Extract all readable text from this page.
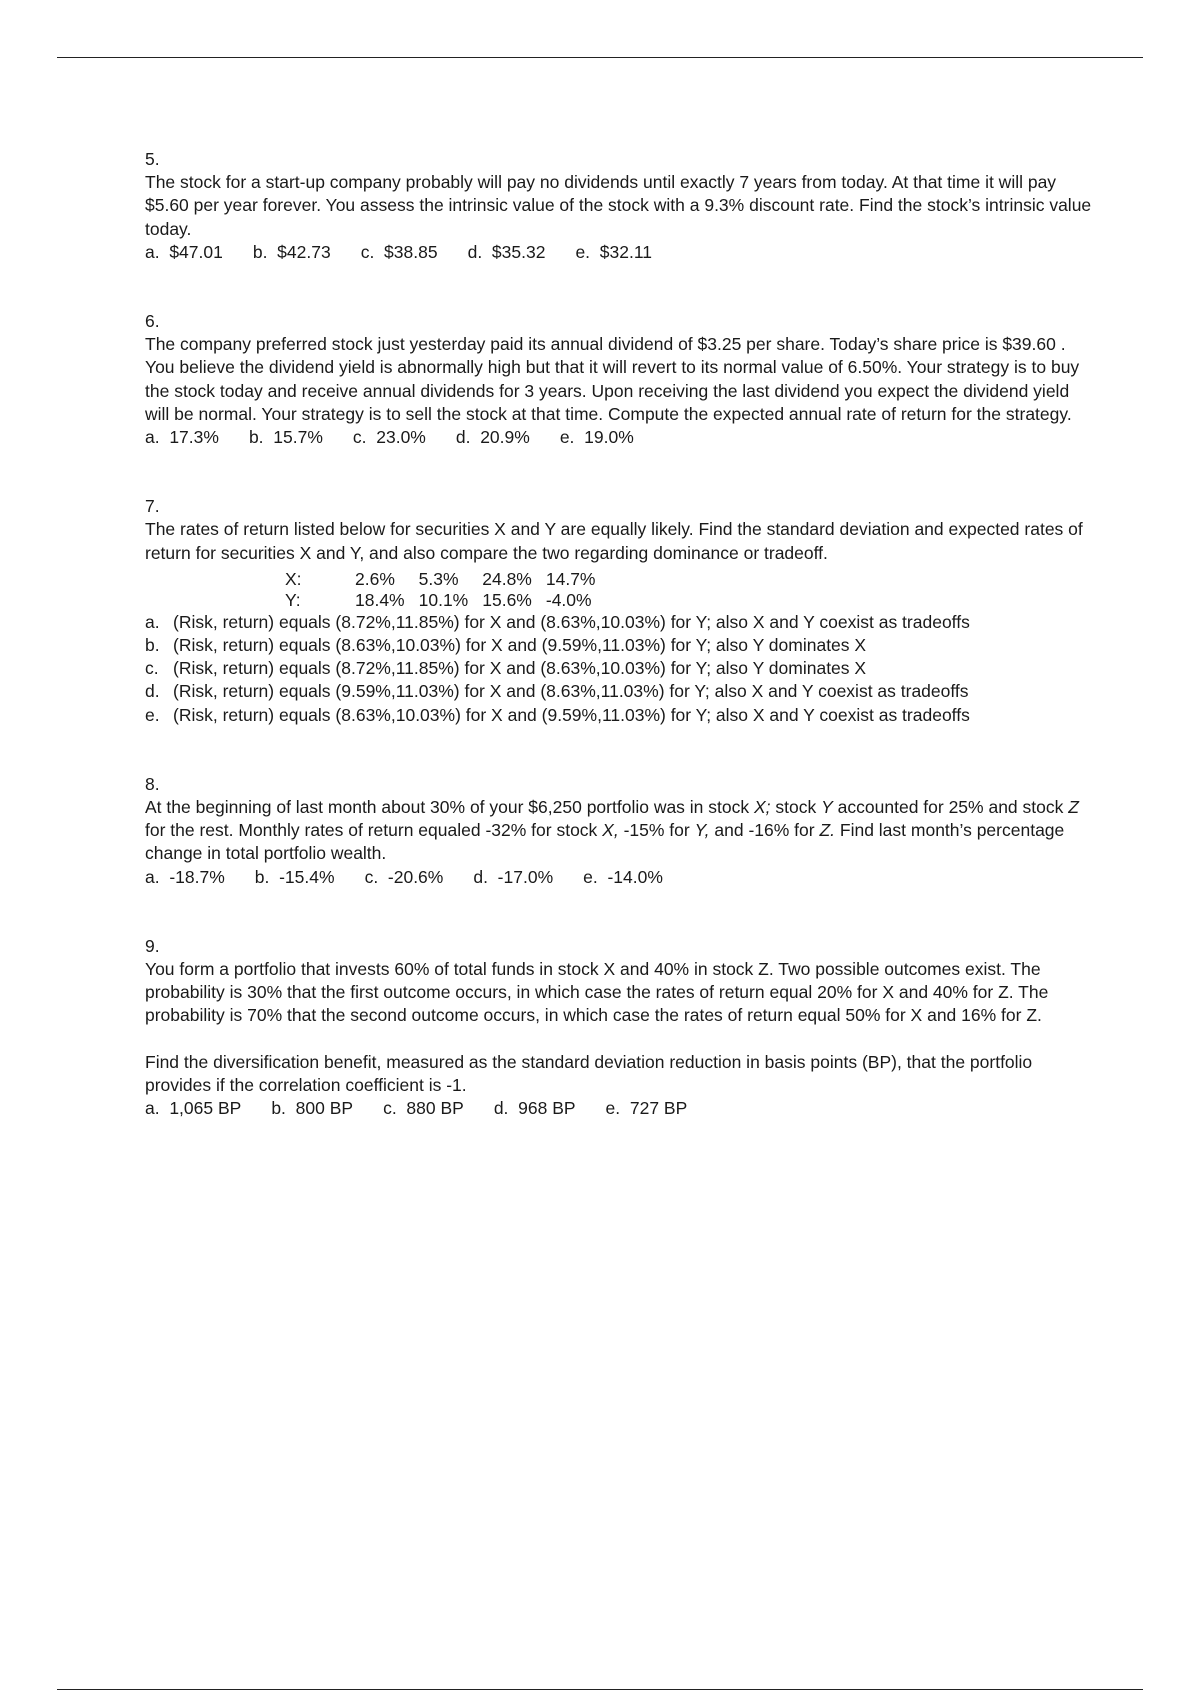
5.

The stock for a start-up company probably will pay no dividends until exactly 7 years from today. At that time it will pay $5.60 per year forever. You assess the intrinsic value of the stock with a 9.3% discount rate. Find the stock’s intrinsic value today.

a.  $47.01 b.  $42.73 c.  $38.85 d.  $35.32 e.  $32.11
6.

The company preferred stock just yesterday paid its annual dividend of $3.25 per share. Today’s share price is $39.60 . You believe the dividend yield is abnormally high but that it will revert to its normal value of 6.50%. Your strategy is to buy the stock today and receive annual dividends for 3 years. Upon receiving the last dividend you expect the dividend yield will be normal. Your strategy is to sell the stock at that time. Compute the expected annual rate of return for the strategy.

a.  17.3% b.  15.7% c.  23.0% d.  20.9% e.  19.0%
7.

The rates of return listed below for securities X and Y are equally likely. Find the standard deviation and expected rates of return for securities X and Y, and also compare the two regarding dominance or tradeoff.

X:	2.6%	5.3%	24.8%	14.7%
Y:	18.4%	10.1%	15.6%	-4.0%
a. (Risk, return) equals (8.72%,11.85%) for X and (8.63%,10.03%) for Y; also X and Y coexist as tradeoffs
b. (Risk, return) equals (8.63%,10.03%) for X and (9.59%,11.03%) for Y; also Y dominates X
c. (Risk, return) equals (8.72%,11.85%) for X and (8.63%,10.03%) for Y; also Y dominates X
d. (Risk, return) equals (9.59%,11.03%) for X and (8.63%,11.03%) for Y; also X and Y coexist as tradeoffs
e. (Risk, return) equals (8.63%,10.03%) for X and (9.59%,11.03%) for Y; also X and Y coexist as tradeoffs
8.

At the beginning of last month about 30% of your $6,250 portfolio was in stock X; stock Y accounted for 25% and stock Z for the rest. Monthly rates of return equaled -32% for stock X, -15% for Y, and -16% for Z. Find last month’s percentage change in total portfolio wealth.

a.  -18.7% b.  -15.4% c.  -20.6% d.  -17.0% e.  -14.0%
9.

You form a portfolio that invests 60% of total funds in stock X and 40% in stock Z. Two possible outcomes exist. The probability is 30% that the first outcome occurs, in which case the rates of return equal 20% for X and 40% for Z. The probability is 70% that the second outcome occurs, in which case the rates of return equal 50% for X and 16% for Z.

Find the diversification benefit, measured as the standard deviation reduction in basis points (BP), that the portfolio provides if the correlation coefficient is -1.

a.  1,065 BP b.  800 BP c.  880 BP d.  968 BP e.  727 BP
